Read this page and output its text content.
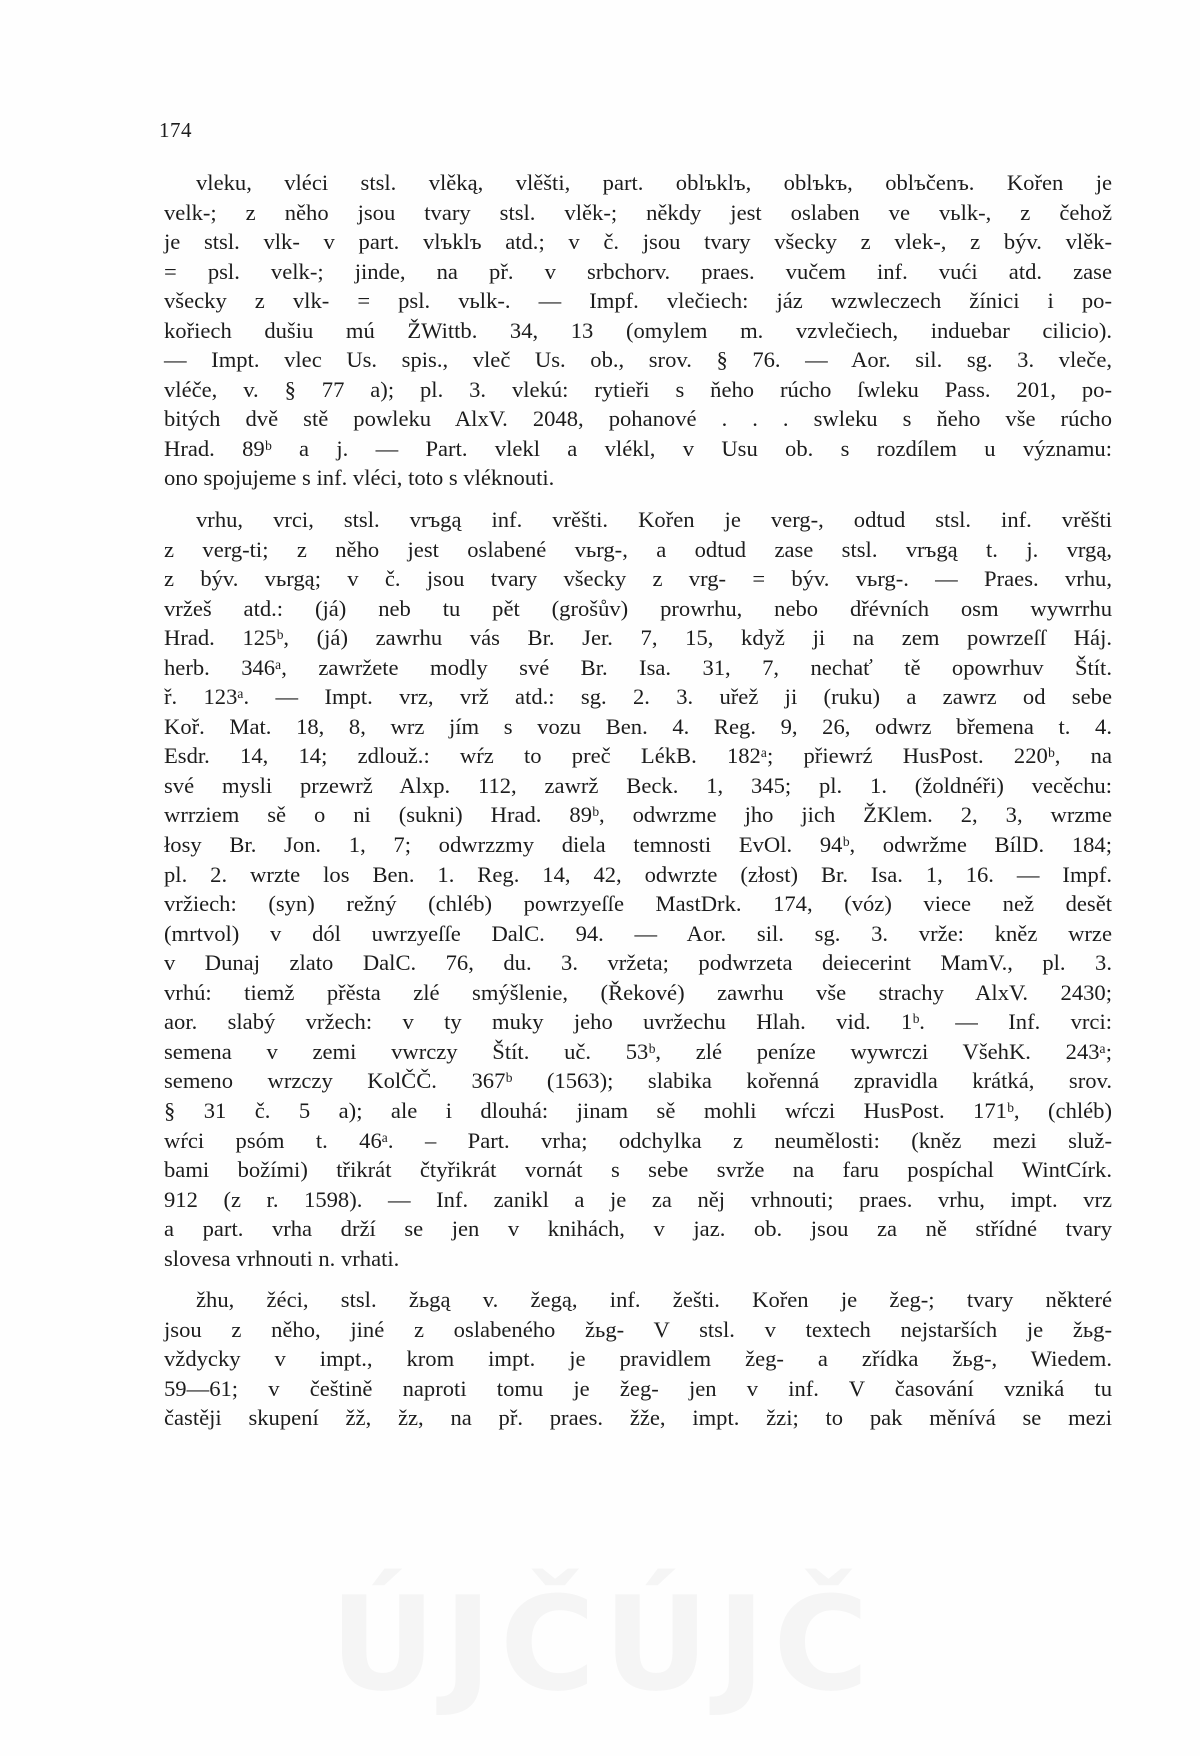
174
vleku, vléci stsl. vlěką, vlěšti, part. oblъklъ, oblъkъ, oblъčenъ. Kořen je
velk-; z něho jsou tvary stsl. vlěk-; někdy jest oslaben ve vьlk-, z čehož
je stsl. vlk- v part. vlъklъ atd.; v č. jsou tvary všecky z vlek-, z býv. vlěk-
= psl. velk-; jinde, na př. v srbchorv. praes. vučem inf. vući atd. zase
všecky z vlk- = psl. vьlk-. — Impf. vlečiech: jáz wzwleczech žínici i po-
kořiech dušiu mú ŽWittb. 34, 13 (omylem m. vzvlečiech, induebar cilicio).
— Impt. vlec Us. spis., vleč Us. ob., srov. § 76. — Aor. sil. sg. 3. vleče,
vléče, v. § 77 a); pl. 3. vlekú: rytieři s ňeho rúcho ſwleku Pass. 201, po-
bitých dvě stě powleku AlxV. 2048, pohanové . . . swleku s ňeho vše rúcho
Hrad. 89ᵇ a j. — Part. vlekl a vlékl, v Usu ob. s rozdílem u významu:
ono spojujeme s inf. vléci, toto s vléknouti.
vrhu, vrci, stsl. vrъgą inf. vrěšti. Kořen je verg-, odtud stsl. inf. vrěšti
z verg-ti; z něho jest oslabené vьrg-, a odtud zase stsl. vrъgą t. j. vrgą,
z býv. vьrgą; v č. jsou tvary všecky z vrg- = býv. vьrg-. — Praes. vrhu,
vržeš atd.: (já) neb tu pět (grošův) prowrhu, nebo dřévních osm wywrrhu
Hrad. 125ᵇ, (já) zawrhu vás Br. Jer. 7, 15, když ji na zem powrzeſſ Háj.
herb. 346ᵃ, zawržete modly své Br. Isa. 31, 7, nechať tě opowrhuv Štít.
ř. 123ᵃ. — Impt. vrz, vrž atd.: sg. 2. 3. uřež ji (ruku) a zawrz od sebe
Koř. Mat. 18, 8, wrz jím s vozu Ben. 4. Reg. 9, 26, odwrz břemena t. 4.
Esdr. 14, 14; zdlouž.: wŕz to preč LékB. 182ᵃ; přiewrź HusPost. 220ᵇ, na
své mysli przewrž Alxp. 112, zawrž Beck. 1, 345; pl. 1. (žoldnéři) vecěchu:
wrrziem sě o ni (sukni) Hrad. 89ᵇ, odwrzme jho jich ŽKlem. 2, 3, wrzme
łosy Br. Jon. 1, 7; odwrzzmy diela temnosti EvOl. 94ᵇ, odwržme BílD. 184;
pl. 2. wrzte los Ben. 1. Reg. 14, 42, odwrzte (złost) Br. Isa. 1, 16. — Impf.
vržiech: (syn) režný (chléb) powrzyeſſe MastDrk. 174, (vóz) viece než desět
(mrtvol) v dól uwrzyeſſe DalC. 94. — Aor. sil. sg. 3. vrže: kněz wrze
v Dunaj zlato DalC. 76, du. 3. vržeta; podwrzeta deiecerint MamV., pl. 3.
vrhú: tiemž přěsta zlé smýšlenie, (Řekové) zawrhu vše strachy AlxV. 2430;
aor. slabý vržech: v ty muky jeho uvržechu Hlah. vid. 1ᵇ. — Inf. vrci:
semena v zemi vwrczy Štít. uč. 53ᵇ, zlé peníze wywrczi VšehK. 243ᵃ;
semeno wrzczy KolČČ. 367ᵇ (1563); slabika kořenná zpravidla krátká, srov.
§ 31 č. 5 a); ale i dlouhá: jinam sě mohli wŕczi HusPost. 171ᵇ, (chléb)
wŕci psóm t. 46ᵃ. – Part. vrha; odchylka z neumělosti: (kněz mezi služ-
bami božími) třikrát čtyřikrát vornát s sebe svrže na faru pospíchal WintCírk.
912 (z r. 1598). — Inf. zanikl a je za něj vrhnouti; praes. vrhu, impt. vrz
a part. vrha drží se jen v knihách, v jaz. ob. jsou za ně střídné tvary
slovesa vrhnouti n. vrhati.
žhu, žéci, stsl. žьgą v. žegą, inf. žešti. Kořen je žeg-; tvary některé
jsou z něho, jiné z oslabeného žьg- V stsl. v textech nejstarších je žьg-
vždycky v impt., krom impt. je pravidlem žeg- a zřídka žьg-, Wiedem.
59—61; v češtině naproti tomu je žeg- jen v inf. V časování vzniká tu
častěji skupení žž, žz, na př. praes. žže, impt. žzi; to pak měnívá se mezi
